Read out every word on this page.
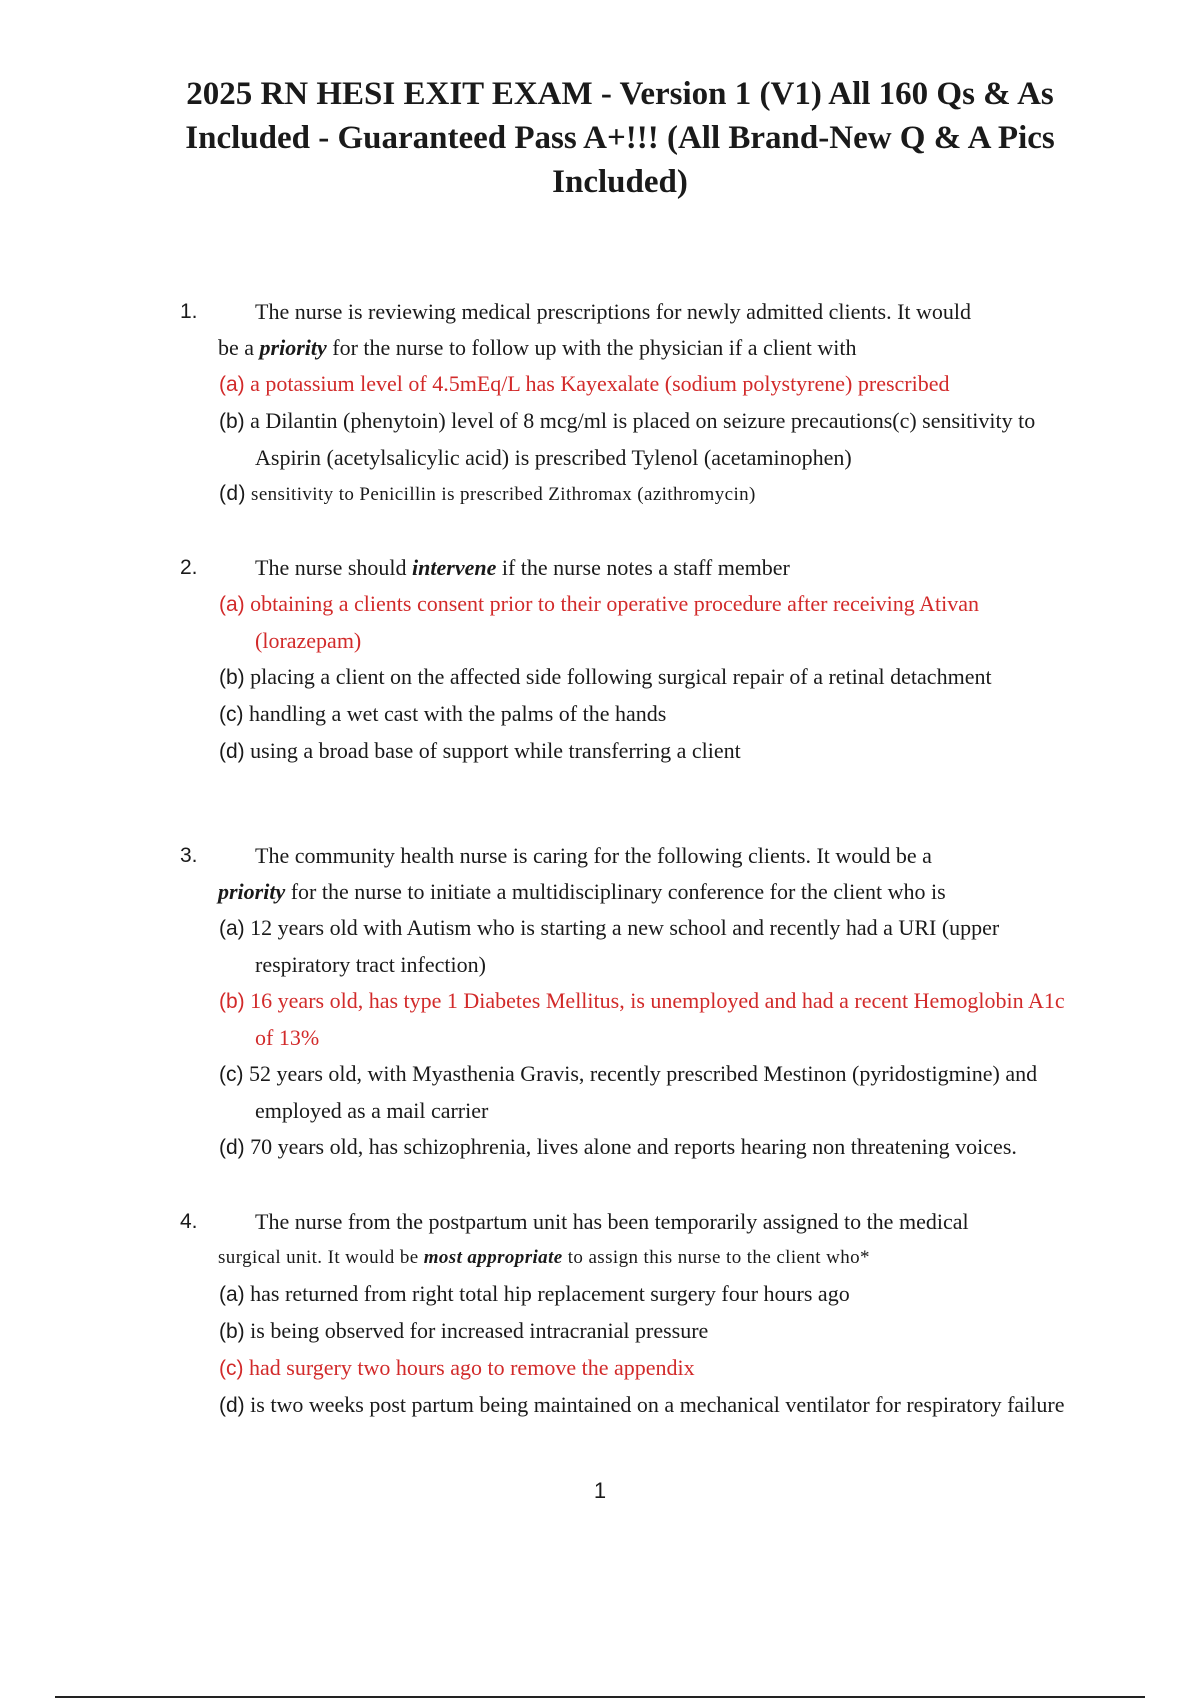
2025 RN HESI EXIT EXAM - Version 1 (V1) All 160 Qs & As Included - Guaranteed Pass A+!!! (All Brand-New Q & A Pics Included)
1.	The nurse is reviewing medical prescriptions for newly admitted clients. It would
be a priority for the nurse to follow up with the physician if a client with
(a) a potassium level of 4.5mEq/L has Kayexalate (sodium polystyrene) prescribed
(b) a Dilantin (phenytoin) level of 8 mcg/ml is placed on seizure precautions(c) sensitivity to Aspirin (acetylsalicylic acid) is prescribed Tylenol (acetaminophen)
(d) sensitivity to Penicillin is prescribed Zithromax (azithromycin)
2.	The nurse should intervene if the nurse notes a staff member
(a) obtaining a clients consent prior to their operative procedure after receiving Ativan (lorazepam)
(b) placing a client on the affected side following surgical repair of a retinal detachment
(c) handling a wet cast with the palms of the hands
(d) using a broad base of support while transferring a client
3.	The community health nurse is caring for the following clients. It would be a
priority for the nurse to initiate a multidisciplinary conference for the client who is
(a) 12 years old with Autism who is starting a new school and recently had a URI (upper respiratory tract infection)
(b) 16 years old, has type 1 Diabetes Mellitus, is unemployed and had a recent Hemoglobin A1c of 13%
(c) 52 years old, with Myasthenia Gravis, recently prescribed Mestinon (pyridostigmine) and employed as a mail carrier
(d) 70 years old, has schizophrenia, lives alone and reports hearing non threatening voices.
4.	The nurse from the postpartum unit has been temporarily assigned to the medical
surgical unit. It would be most appropriate to assign this nurse to the client who*
(a) has returned from right total hip replacement surgery four hours ago
(b) is being observed for increased intracranial pressure
(c) had surgery two hours ago to remove the appendix
(d) is two weeks post partum being maintained on a mechanical ventilator for respiratory failure
1
